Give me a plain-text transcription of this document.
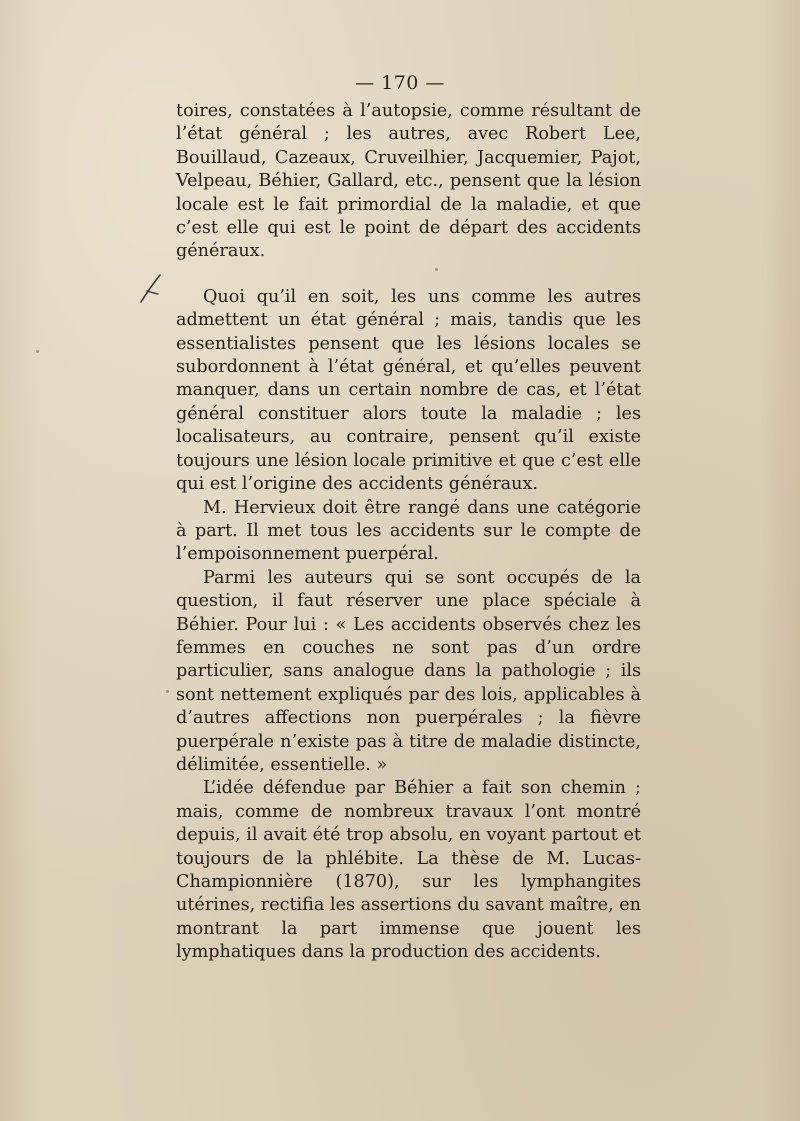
— 170 —

toires, constatées à l’autopsie, comme résultant de l’état général ; les autres, avec Robert Lee, Bouillaud, Cazeaux, Cruveilhier, Jacquemier, Pajot, Velpeau, Béhier, Gallard, etc., pensent que la lésion locale est le fait primordial de la maladie, et que c’est elle qui est le point de départ des accidents généraux.

Quoi qu’il en soit, les uns comme les autres admettent un état général ; mais, tandis que les essentialistes pensent que les lésions locales se subordonnent à l’état général, et qu’elles peuvent manquer, dans un certain nombre de cas, et l’état général constituer alors toute la maladie ; les localisateurs, au contraire, pensent qu’il existe toujours une lésion locale primitive et que c’est elle qui est l’origine des accidents généraux.

M. Hervieux doit être rangé dans une catégorie à part. Il met tous les accidents sur le compte de l’empoisonnement puerpéral.

Parmi les auteurs qui se sont occupés de la question, il faut réserver une place spéciale à Béhier. Pour lui : « Les accidents observés chez les femmes en couches ne sont pas d’un ordre particulier, sans analogue dans la pathologie ; ils sont nettement expliqués par des lois, applicables à d’autres affections non puerpérales ; la fièvre puerpérale n’existe pas à titre de maladie distincte, délimitée, essentielle. »

L’idée défendue par Béhier a fait son chemin ; mais, comme de nombreux travaux l’ont montré depuis, il avait été trop absolu, en voyant partout et toujours de la phlébite. La thèse de M. Lucas-Championnière (1870), sur les lymphangites utérines, rectifia les assertions du savant maître, en montrant la part immense que jouent les lymphatiques dans la production des accidents.
